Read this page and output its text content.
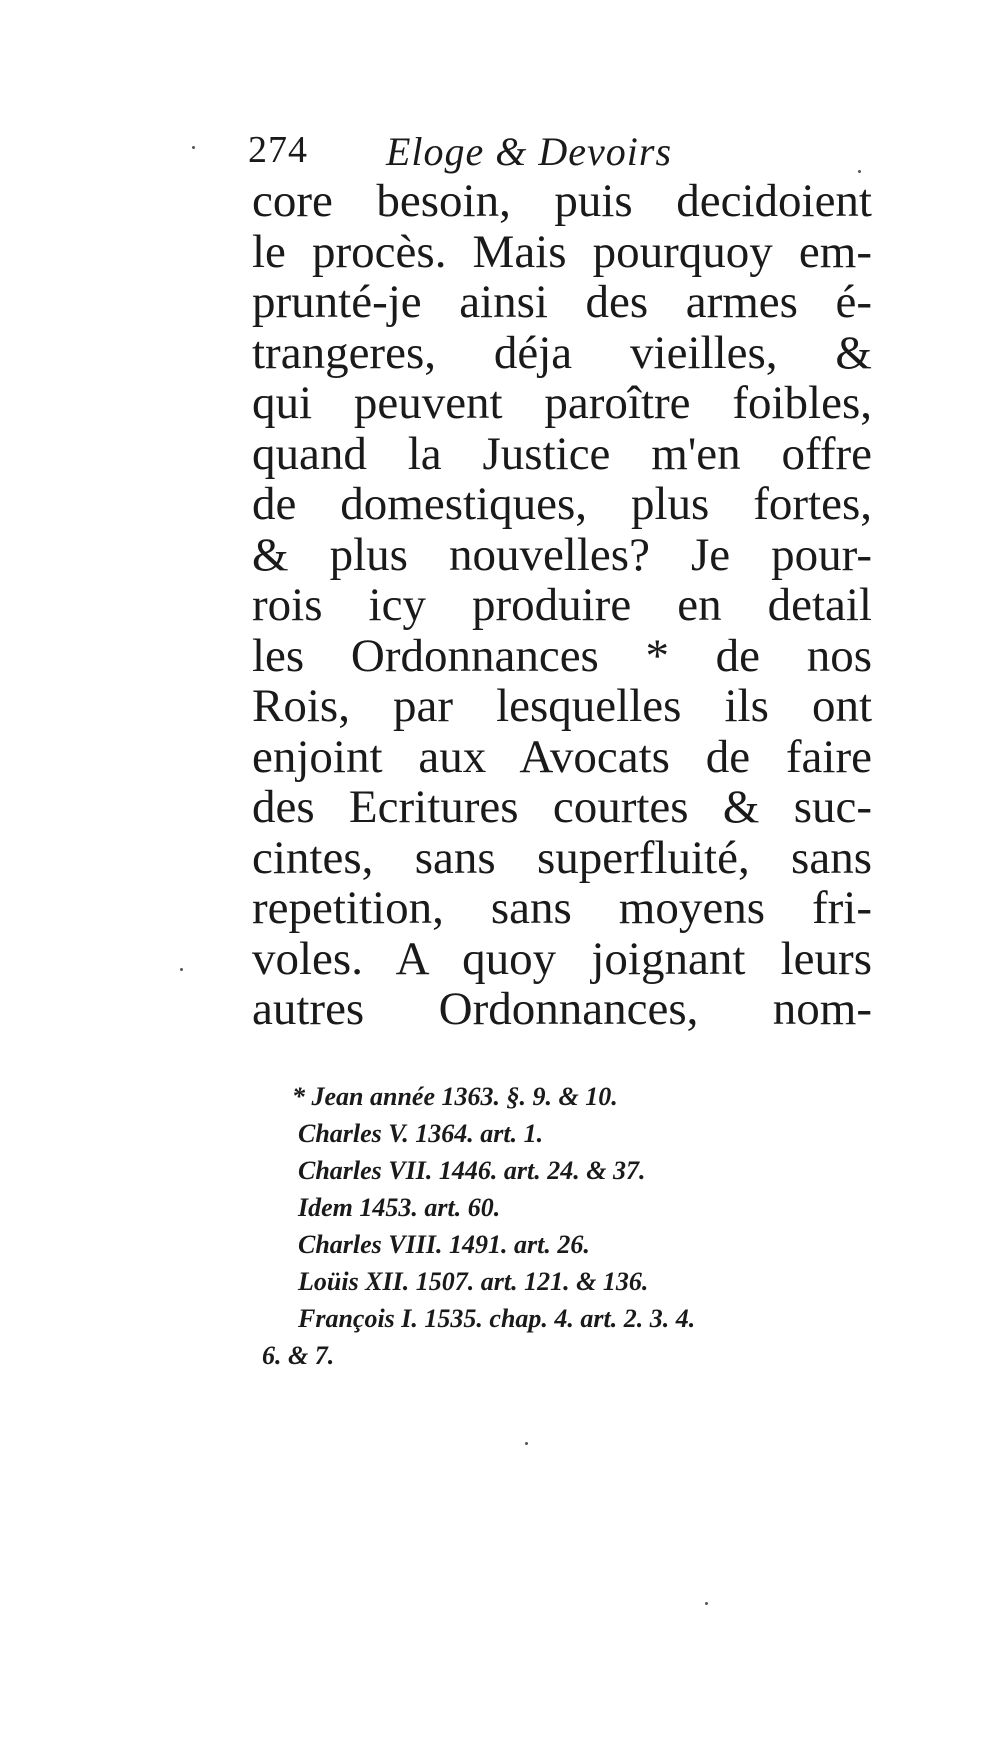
274 Eloge & Devoirs
core besoin, puis decidoient
le procès. Mais pourquoy em-
prunté-je ainsi des armes é-
trangeres, déja vieilles, &
qui peuvent paroître foibles,
quand la Justice m'en offre
de domestiques, plus fortes,
& plus nouvelles? Je pour-
rois icy produire en detail
les Ordonnances * de nos
Rois, par lesquelles ils ont
enjoint aux Avocats de faire
des Ecritures courtes & suc-
cintes, sans superfluité, sans
repetition, sans moyens fri-
voles. A quoy joignant leurs
autres Ordonnances, nom-
* Jean année 1363. §. 9. & 10.
Charles V. 1364. art. 1.
Charles VII. 1446. art. 24. & 37.
Idem 1453. art. 60.
Charles VIII. 1491. art. 26.
Loüis XII. 1507. art. 121. & 136.
François I. 1535. chap. 4. art. 2. 3. 4.
6. & 7.
